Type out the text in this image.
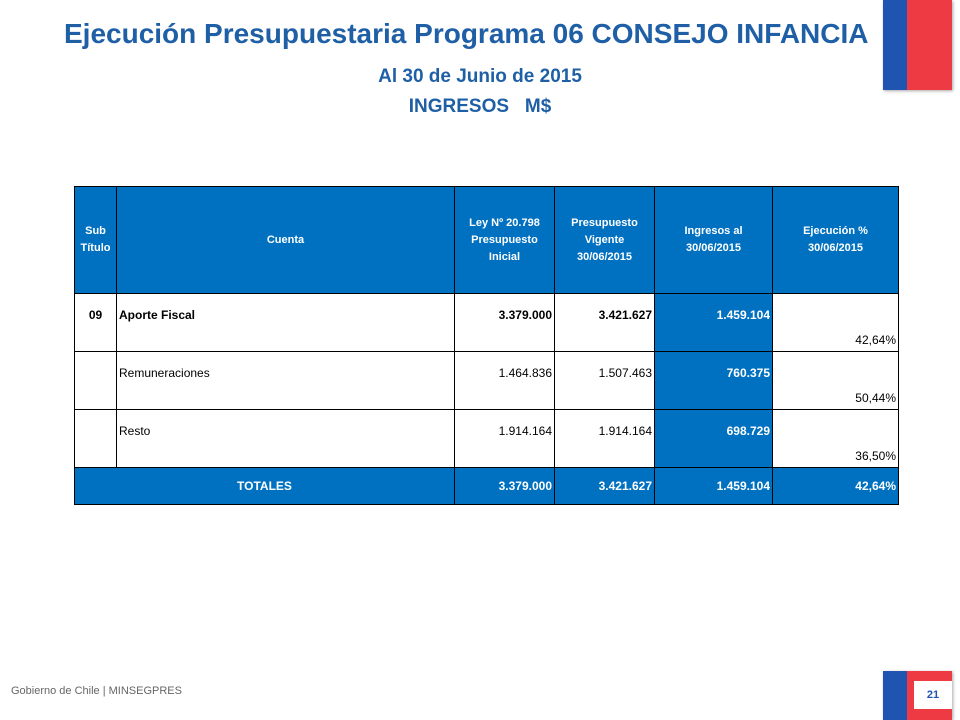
Ejecución Presupuestaria Programa 06 CONSEJO INFANCIA
Al 30 de Junio de 2015
INGRESOS   M$
21
Gobierno de Chile | MINSEGPRES
Sub Título	Cuenta	Ley Nº 20.798 Presupuesto Inicial	Presupuesto Vigente 30/06/2015	Ingresos al 30/06/2015	Ejecución % 30/06/2015
09	Aporte Fiscal	3.379.000	3.421.627	1.459.104	42,64%
	Remuneraciones	1.464.836	1.507.463	760.375	50,44%
	Resto	1.914.164	1.914.164	698.729	36,50%
TOTALES		3.379.000	3.421.627	1.459.104	42,64%
